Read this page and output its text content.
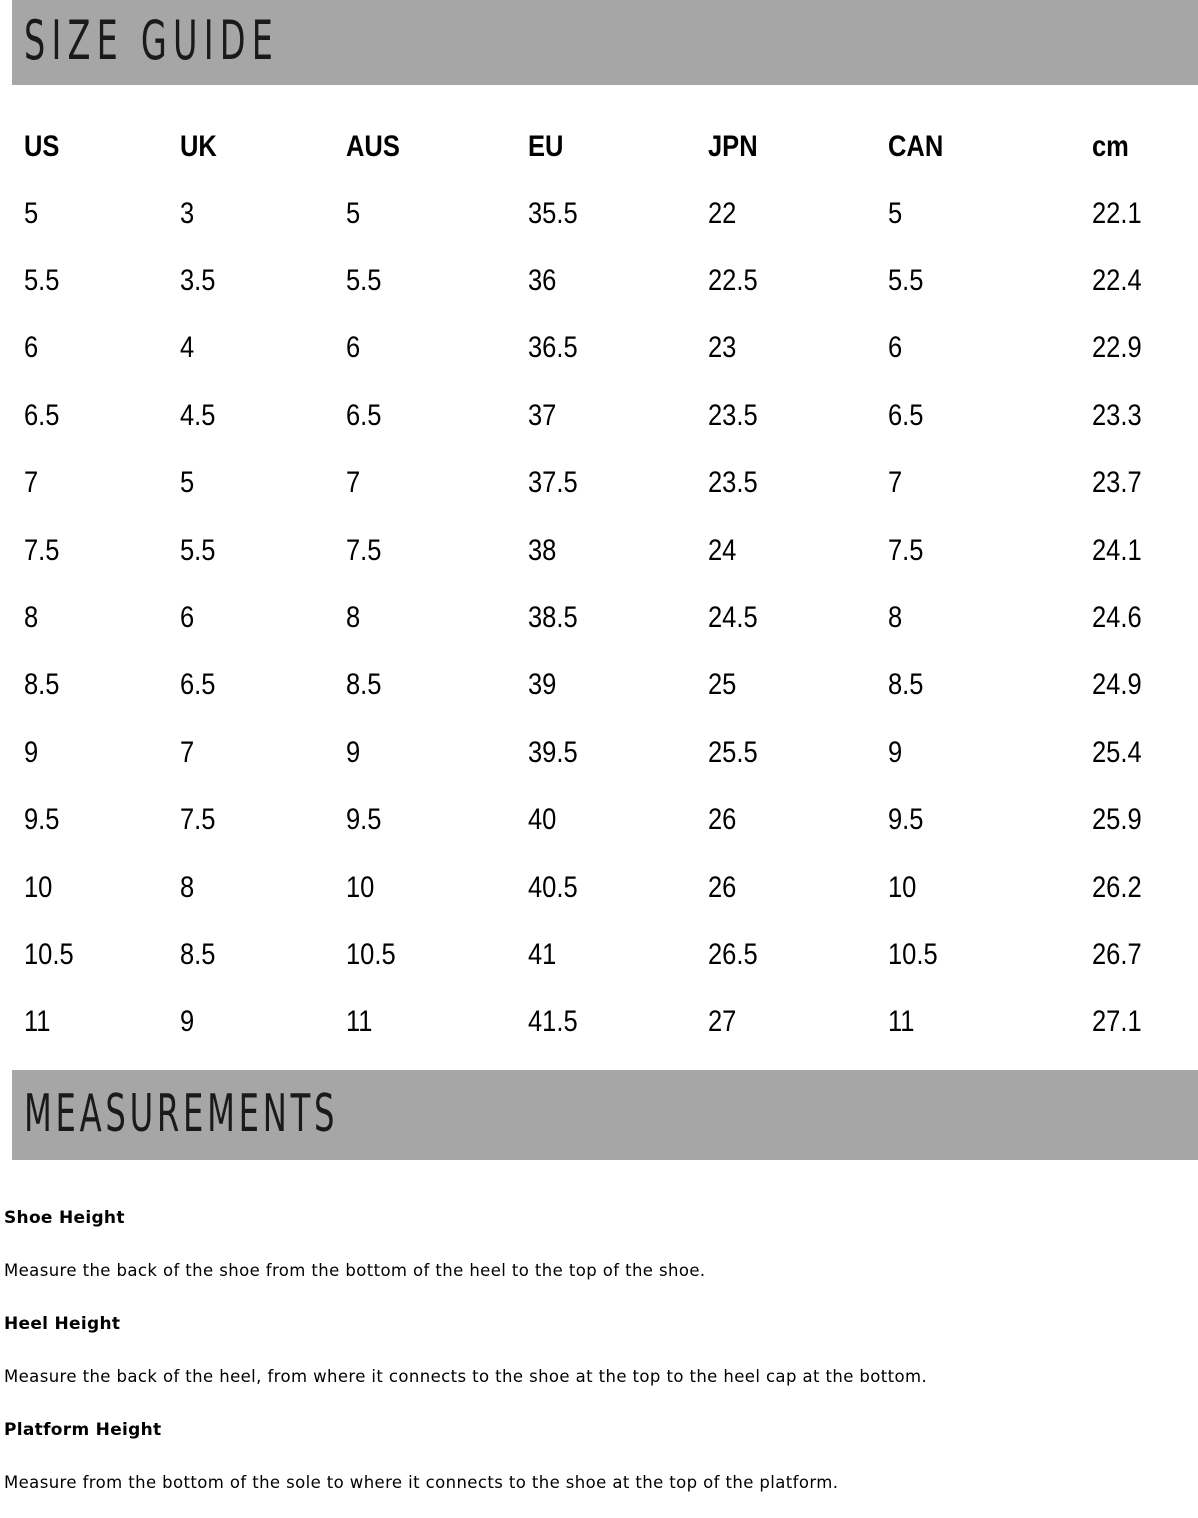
SIZE GUIDE
US	UK	AUS	EU	JPN	CAN	cm
5	3	5	35.5	22	5	22.1
5.5	3.5	5.5	36	22.5	5.5	22.4
6	4	6	36.5	23	6	22.9
6.5	4.5	6.5	37	23.5	6.5	23.3
7	5	7	37.5	23.5	7	23.7
7.5	5.5	7.5	38	24	7.5	24.1
8	6	8	38.5	24.5	8	24.6
8.5	6.5	8.5	39	25	8.5	24.9
9	7	9	39.5	25.5	9	25.4
9.5	7.5	9.5	40	26	9.5	25.9
10	8	10	40.5	26	10	26.2
10.5	8.5	10.5	41	26.5	10.5	26.7
11	9	11	41.5	27	11	27.1
MEASUREMENTS

Shoe Height

Measure the back of the shoe from the bottom of the heel to the top of the shoe.

Heel Height

Measure the back of the heel, from where it connects to the shoe at the top to the heel cap at the bottom.

Platform Height

Measure from the bottom of the sole to where it connects to the shoe at the top of the platform.
